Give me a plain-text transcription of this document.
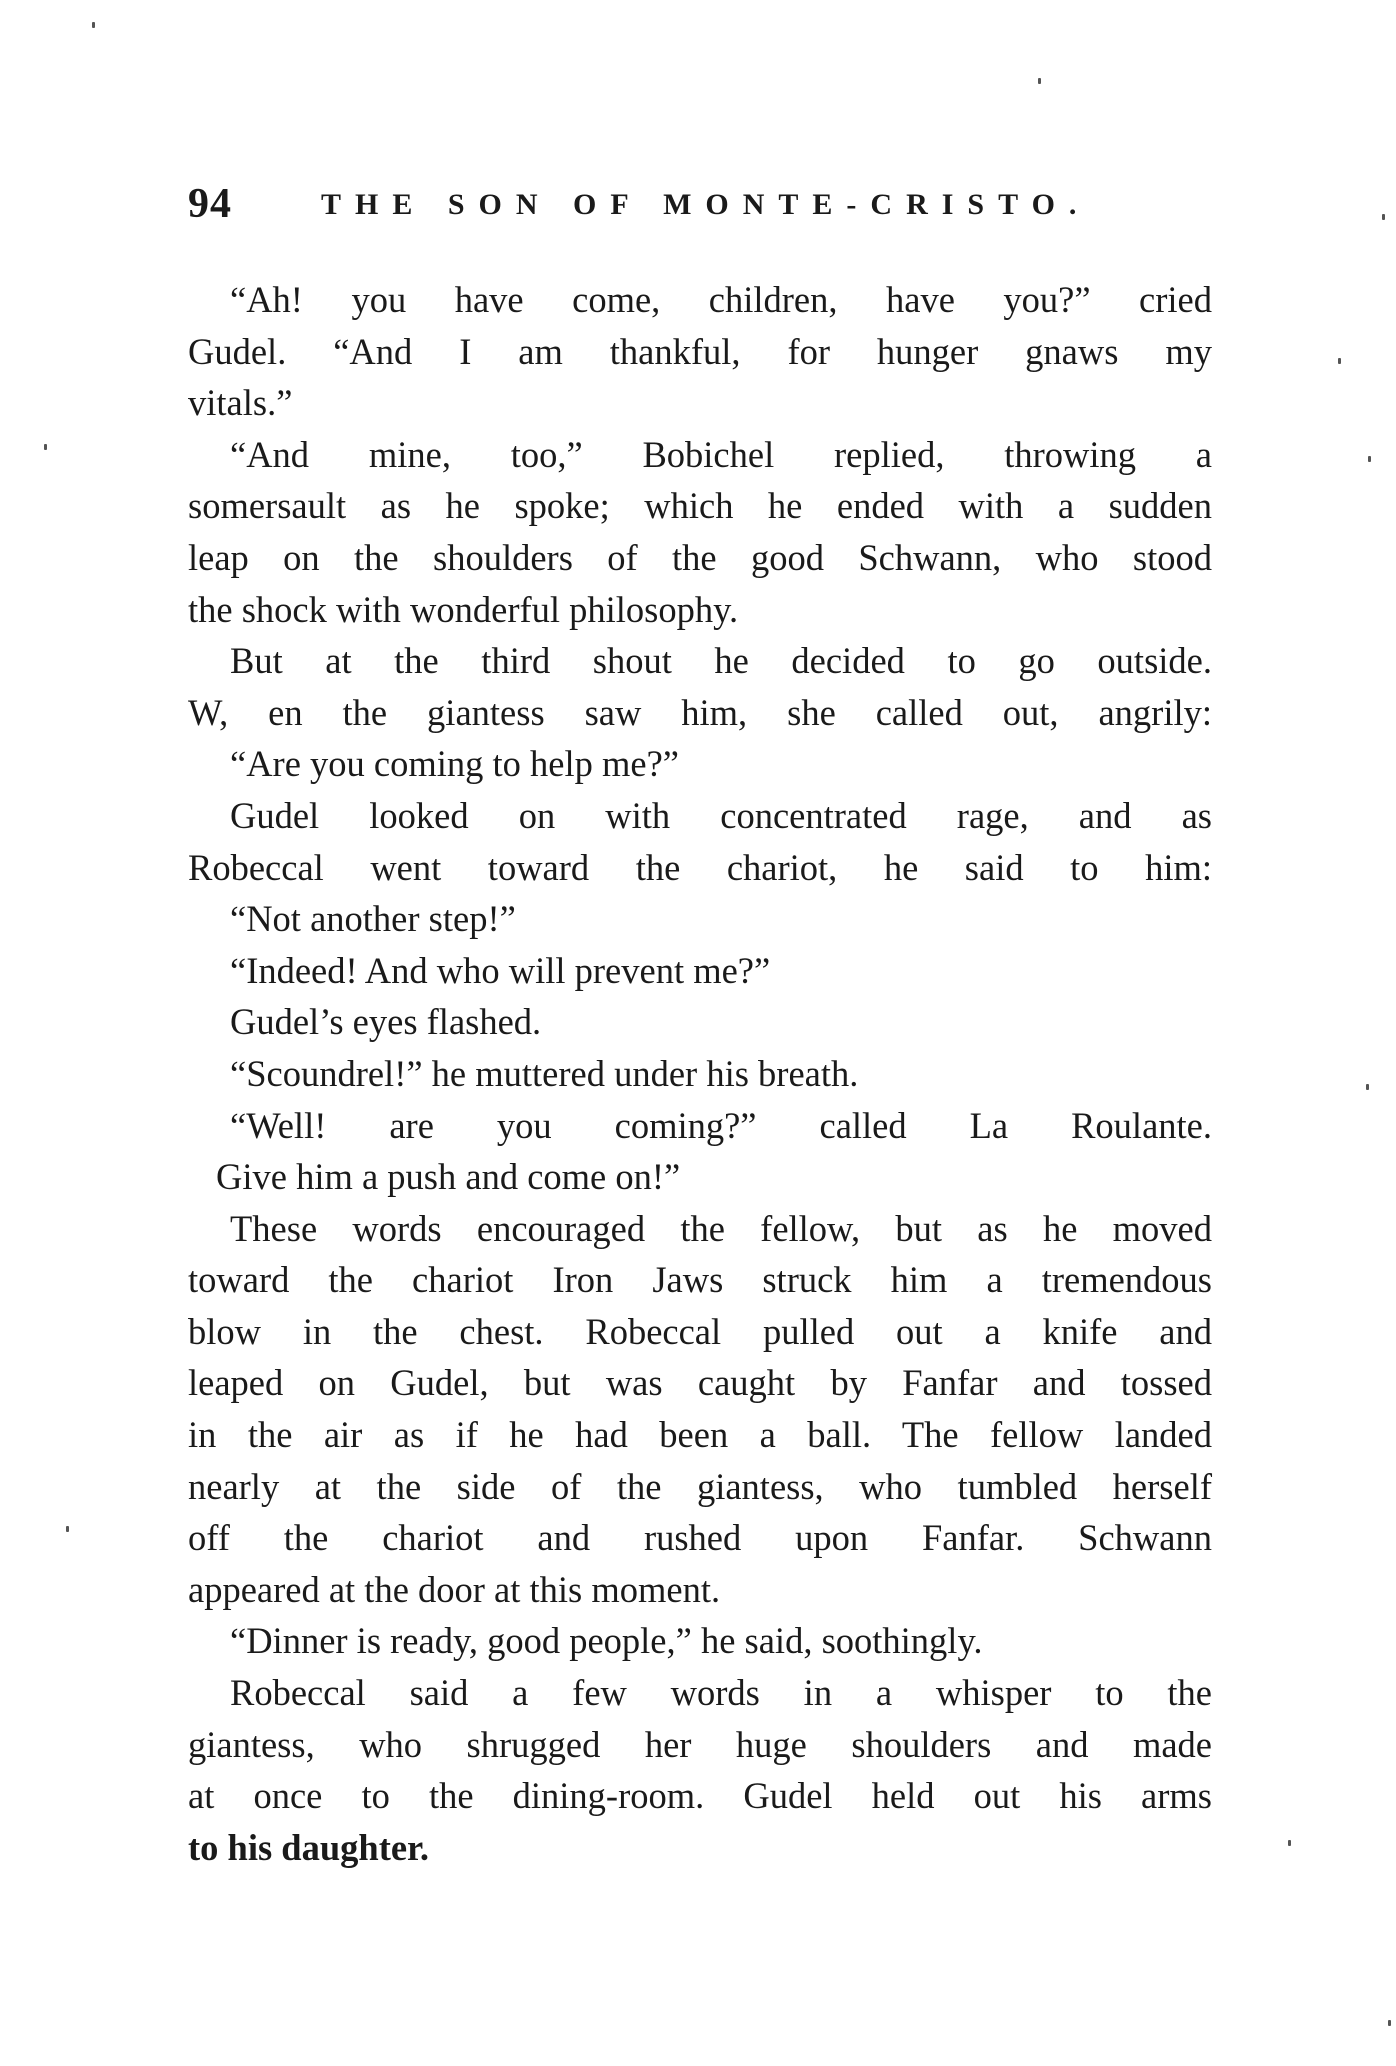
94	THE SON OF MONTE-CRISTO.
“Ah! you have come, children, have you?” cried
Gudel. “And I am thankful, for hunger gnaws my
vitals.”
“And mine, too,” Bobichel replied, throwing a
somersault as he spoke; which he ended with a sudden
leap on the shoulders of the good Schwann, who stood
the shock with wonderful philosophy.
But at the third shout he decided to go outside.
W, en the giantess saw him, she called out, angrily:
“Are you coming to help me?”
Gudel looked on with concentrated rage, and as
Robeccal went toward the chariot, he said to him:
“Not another step!”
“Indeed! And who will prevent me?”
Gudel’s eyes flashed.
“Scoundrel!” he muttered under his breath.
“Well! are you coming?” called La Roulante.
Give him a push and come on!”
These words encouraged the fellow, but as he moved
toward the chariot Iron Jaws struck him a tremendous
blow in the chest. Robeccal pulled out a knife and
leaped on Gudel, but was caught by Fanfar and tossed
in the air as if he had been a ball. The fellow landed
nearly at the side of the giantess, who tumbled herself
off the chariot and rushed upon Fanfar. Schwann
appeared at the door at this moment.
“Dinner is ready, good people,” he said, soothingly.
Robeccal said a few words in a whisper to the
giantess, who shrugged her huge shoulders and made
at once to the dining-room. Gudel held out his arms
to his daughter.
